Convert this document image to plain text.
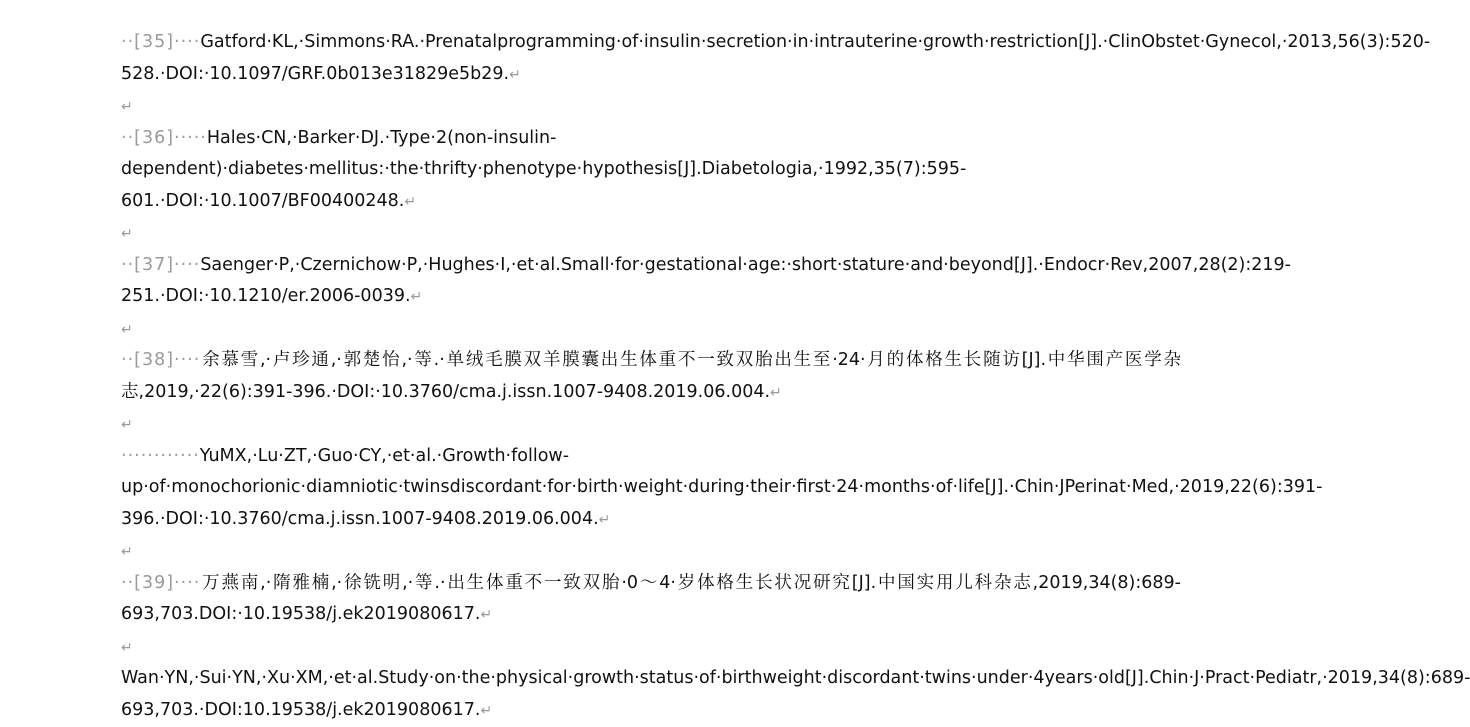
··[35]····Gatford·KL,·Simmons·RA.·Prenatalprogramming·of·insulin·secretion·in·intrauterine·growth·restriction[J].·ClinObstet·Gynecol,·2013,56(3):520-528.·DOI:·10.1097/GRF.0b013e31829e5b29.↵
↵
··[36]·····Hales·CN,·Barker·DJ.·Type·2(non-insulin-dependent)·diabetes·mellitus:·the·thrifty·phenotype·hypothesis[J].Diabetologia,·1992,35(7):595-601.·DOI:·10.1007/BF00400248.↵
↵
··[37]····Saenger·P,·Czernichow·P,·Hughes·I,·et·al.Small·for·gestational·age:·short·stature·and·beyond[J].·Endocr·Rev,2007,28(2):219-251.·DOI:·10.1210/er.2006-0039.↵
↵
··[38]····余慕雪,·卢珍通,·郭楚怡,·等.·单绒毛膜双羊膜囊出生体重不一致双胎出生至·24·月的体格生长随访[J].中华围产医学杂志,2019,·22(6):391-396.·DOI:·10.3760/cma.j.issn.1007-9408.2019.06.004.↵
↵
············YuMX,·Lu·ZT,·Guo·CY,·et·al.·Growth·follow-up·of·monochorionic·diamniotic·twinsdiscordant·for·birth·weight·during·their·first·24·months·of·life[J].·Chin·JPerinat·Med,·2019,22(6):391-396.·DOI:·10.3760/cma.j.issn.1007-9408.2019.06.004.↵
↵
··[39]····万燕南,·隋雅楠,·徐铣明,·等.·出生体重不一致双胎·0～4·岁体格生长状况研究[J].中国实用儿科杂志,2019,34(8):689-693,703.DOI:·10.19538/j.ek2019080617.↵
↵
Wan·YN,·Sui·YN,·Xu·XM,·et·al.Study·on·the·physical·growth·status·of·birthweight·discordant·twins·under·4years·old[J].Chin·J·Pract·Pediatr,·2019,34(8):689-693,703.·DOI:10.19538/j.ek2019080617.↵
